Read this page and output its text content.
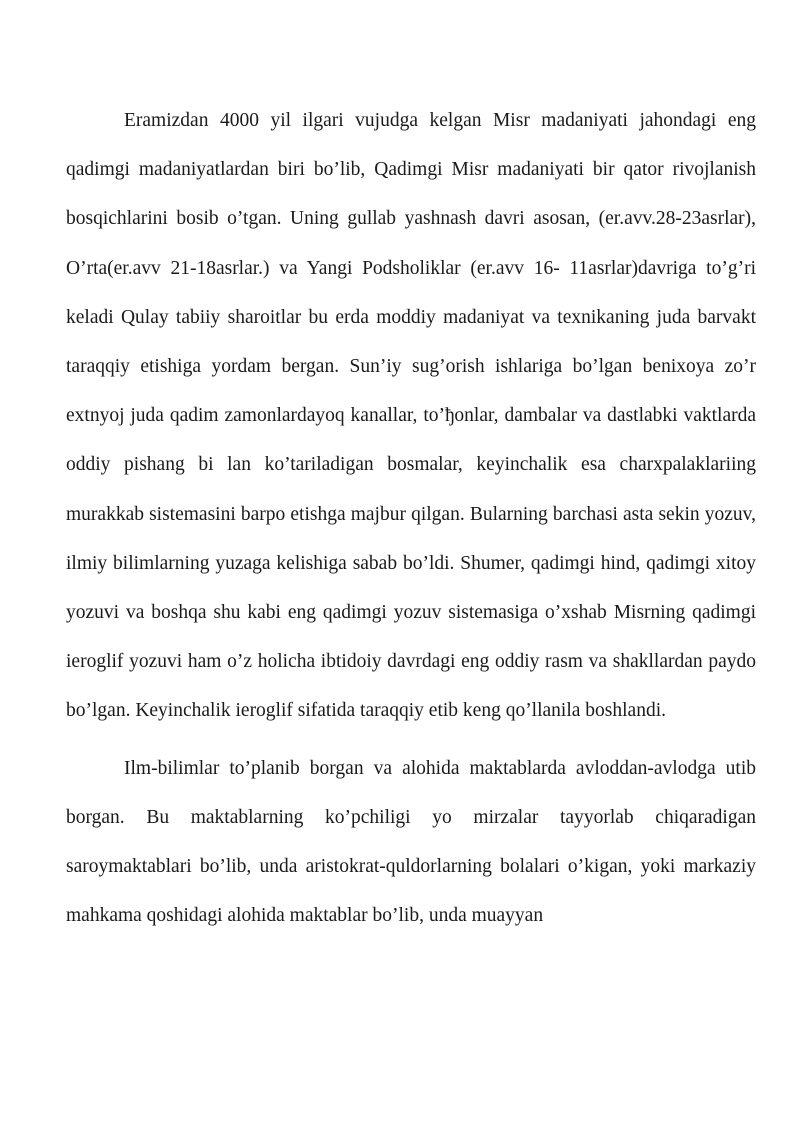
Eramizdan 4000 yil ilgari vujudga kelgan Misr madaniyati jahondagi eng qadimgi madaniyatlardan biri bo’lib, Qadimgi Misr madaniyati bir qator rivojlanish bosqichlarini bosib o’tgan. Uning gullab yashnash davri asosan, (er.avv.28-23asrlar), O’rta(er.avv 21-18asrlar.) va Yangi Podsholiklar (er.avv 16- 11asrlar)davriga to’g’ri keladi Qulay tabiiy sharoitlar bu erda moddiy madaniyat va texnikaning juda barvakt taraqqiy etishiga yordam bergan. Sun’iy sug’orish ishlariga bo’lgan benixoya zo’r extnyoj juda qadim zamonlardayoq kanallar, to’ђonlar, dambalar va dastlabki vaktlarda oddiy pishang bi lan ko’tariladigan bosmalar, keyinchalik esa charxpalaklariing murakkab sistemasini barpo etishga majbur qilgan. Bularning barchasi asta sekin yozuv, ilmiy bilimlarning yuzaga kelishiga sabab bo’ldi. Shumer, qadimgi hind, qadimgi xitoy yozuvi va boshqa shu kabi eng qadimgi yozuv sistemasiga o’xshab Misrning qadimgi ieroglif yozuvi ham o’z holicha ibtidoiy davrdagi eng oddiy rasm va shakllardan paydo bo’lgan. Keyinchalik ieroglif sifatida taraqqiy etib keng qo’llanila boshlandi.

Ilm-bilimlar to’planib borgan va alohida maktablarda avloddan-avlodga utib borgan. Bu maktablarning ko’pchiligi yo mirzalar tayyorlab chiqaradigan saroymaktablari bo’lib, unda aristokrat-quldorlarning bolalari o’kigan, yoki markaziy mahkama qoshidagi alohida maktablar bo’lib, unda muayyan
